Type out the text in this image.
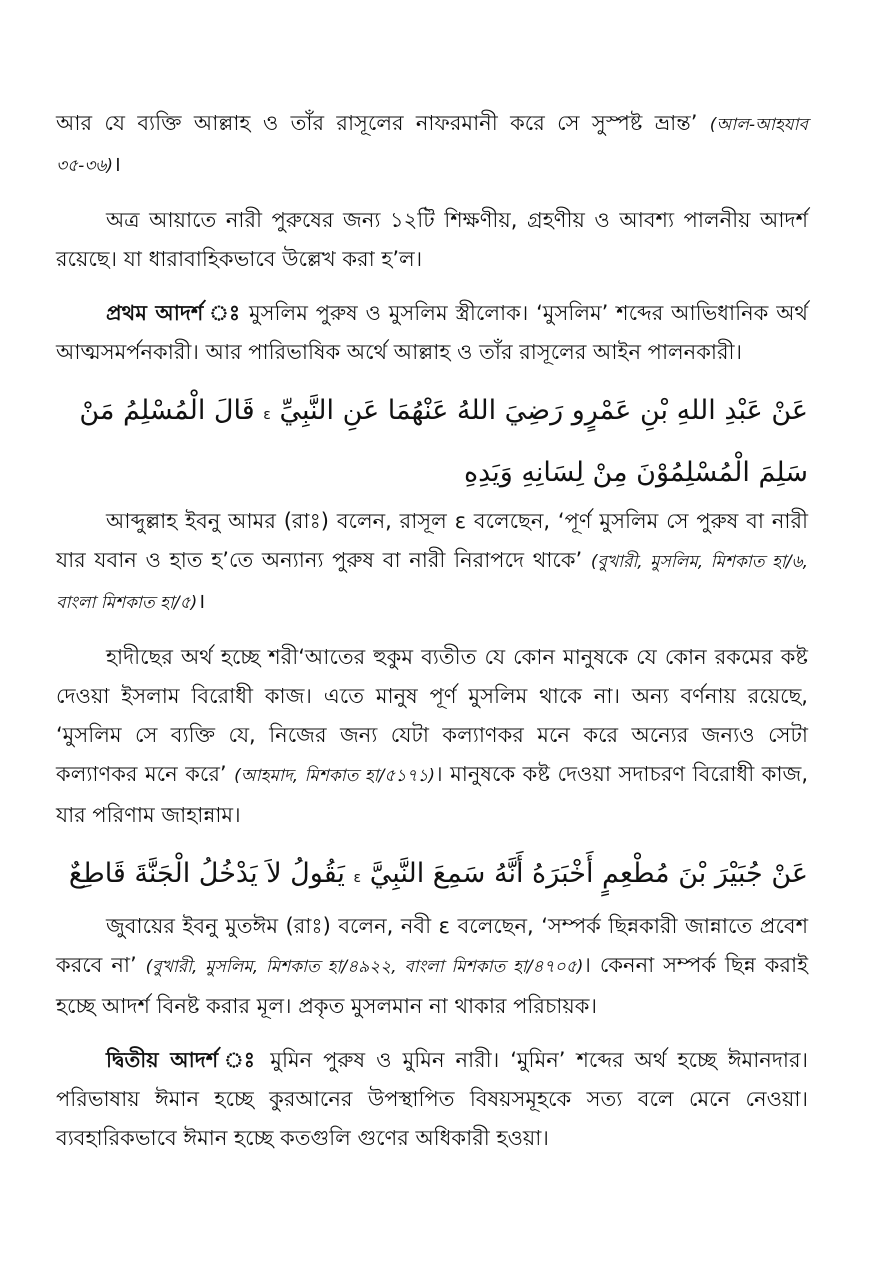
আর যে ব্যক্তি আল্লাহ ও তাঁর রাসূলের নাফরমানী করে সে সুস্পষ্ট ভ্রান্ত’ (আল-আহযাব ৩৫-৩৬)।

অত্র আয়াতে নারী পুরুষের জন্য ১২টি শিক্ষণীয়, গ্রহণীয় ও আবশ্য পালনীয় আদর্শ রয়েছে। যা ধারাবাহিকভাবে উল্লেখ করা হ’ল।

প্রথম আদর্শ ঃ মুসলিম পুরুষ ও মুসলিম স্ত্রীলোক। ‘মুসলিম’ শব্দের আভিধানিক অর্থ আত্মসমর্পনকারী। আর পারিভাষিক অর্থে আল্লাহ ও তাঁর রাসূলের আইন পালনকারী।

عَنْ عَبْدِ اللهِ بْنِ عَمْرٍو رَضِيَ اللهُ عَنْهُمَا عَنِ النَّبِيِّ ε قَالَ الْمُسْلِمُ مَنْ سَلِمَ الْمُسْلِمُوْنَ مِنْ لِسَانِهِ وَيَدِهِ

আব্দুল্লাহ ইবনু আমর (রাঃ) বলেন, রাসূল ε বলেছেন, ‘পূর্ণ মুসলিম সে পুরুষ বা নারী যার যবান ও হাত হ’তে অন্যান্য পুরুষ বা নারী নিরাপদে থাকে’ (বুখারী, মুসলিম, মিশকাত হা/৬, বাংলা মিশকাত হা/৫)।

হাদীছের অর্থ হচ্ছে শরী‘আতের হুকুম ব্যতীত যে কোন মানুষকে যে কোন রকমের কষ্ট দেওয়া ইসলাম বিরোধী কাজ। এতে মানুষ পূর্ণ মুসলিম থাকে না। অন্য বর্ণনায় রয়েছে, ‘মুসলিম সে ব্যক্তি যে, নিজের জন্য যেটা কল্যাণকর মনে করে অন্যের জন্যও সেটা কল্যাণকর মনে করে’ (আহমাদ, মিশকাত হা/৫১৭১)। মানুষকে কষ্ট দেওয়া সদাচরণ বিরোধী কাজ, যার পরিণাম জাহান্নাম।

عَنْ جُبَيْرَ بْنَ مُطْعِمٍ أَخْبَرَهُ أَنَّهُ سَمِعَ النَّبِيَّ ε يَقُولُ لاَ يَدْخُلُ الْجَنَّةَ قَاطِعٌ

জুবায়ের ইবনু মুতঈম (রাঃ) বলেন, নবী ε বলেছেন, ‘সম্পর্ক ছিন্নকারী জান্নাতে প্রবেশ করবে না’ (বুখারী, মুসলিম, মিশকাত হা/৪৯২২, বাংলা মিশকাত হা/৪৭০৫)। কেননা সম্পর্ক ছিন্ন করাই হচ্ছে আদর্শ বিনষ্ট করার মূল। প্রকৃত মুসলমান না থাকার পরিচায়ক।

দ্বিতীয় আদর্শ ঃ মুমিন পুরুষ ও মুমিন নারী। ‘মুমিন’ শব্দের অর্থ হচ্ছে ঈমানদার। পরিভাষায় ঈমান হচ্ছে কুরআনের উপস্থাপিত বিষয়সমূহকে সত্য বলে মেনে নেওয়া। ব্যবহারিকভাবে ঈমান হচ্ছে কতগুলি গুণের অধিকারী হওয়া।
